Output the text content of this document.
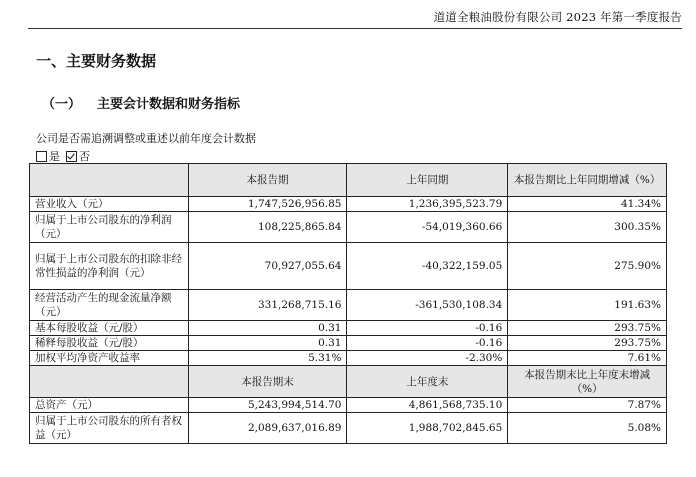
道道全粮油股份有限公司 2023 年第一季度报告
一、主要财务数据
（一） 主要会计数据和财务指标
公司是否需追溯调整或重述以前年度会计数据
是 否
	本报告期	上年同期	本报告期比上年同期增减（%）
营业收入（元）	1,747,526,956.85	1,236,395,523.79	41.34%
归属于上市公司股东的净利润（元）	108,225,865.84	-54,019,360.66	300.35%
归属于上市公司股东的扣除非经常性损益的净利润（元）	70,927,055.64	-40,322,159.05	275.90%
经营活动产生的现金流量净额（元）	331,268,715.16	-361,530,108.34	191.63%
基本每股收益（元/股）	0.31	-0.16	293.75%
稀释每股收益（元/股）	0.31	-0.16	293.75%
加权平均净资产收益率	5.31%	-2.30%	7.61%
	本报告期末	上年度末	本报告期末比上年度末增减（%）
总资产（元）	5,243,994,514.70	4,861,568,735.10	7.87%
归属于上市公司股东的所有者权益（元）	2,089,637,016.89	1,988,702,845.65	5.08%
